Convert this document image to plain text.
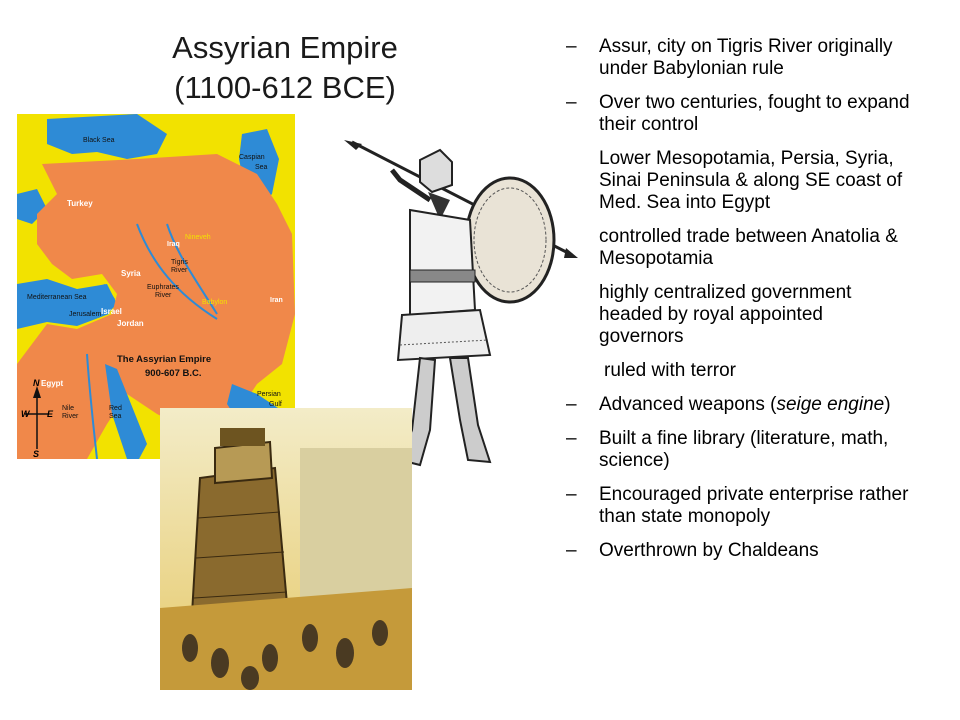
Assyrian Empire
(1100-612 BCE)
Black Sea
Caspian
Sea
Turkey
Iraq
Nineveh
Tigris
River
Syria
Euphrates
River
Babylon	Iran
Mediterranean Sea
Jerusalem Israel
Jordan
The Assyrian Empire
900-607 B.C.
Egypt
Nile
River
Red
Sea
Persian
Gulf
N
W E
S
– Assur, city on Tigris River originally under Babylonian rule
– Over two centuries, fought to expand their control
Lower Mesopotamia, Persia, Syria, Sinai Peninsula & along SE coast of Med. Sea into Egypt
controlled trade between Anatolia & Mesopotamia
highly centralized government headed by royal appointed governors
ruled with terror
– Advanced weapons (seige engine)
– Built a fine library (literature, math, science)
– Encouraged private enterprise rather than state monopoly
– Overthrown by Chaldeans
